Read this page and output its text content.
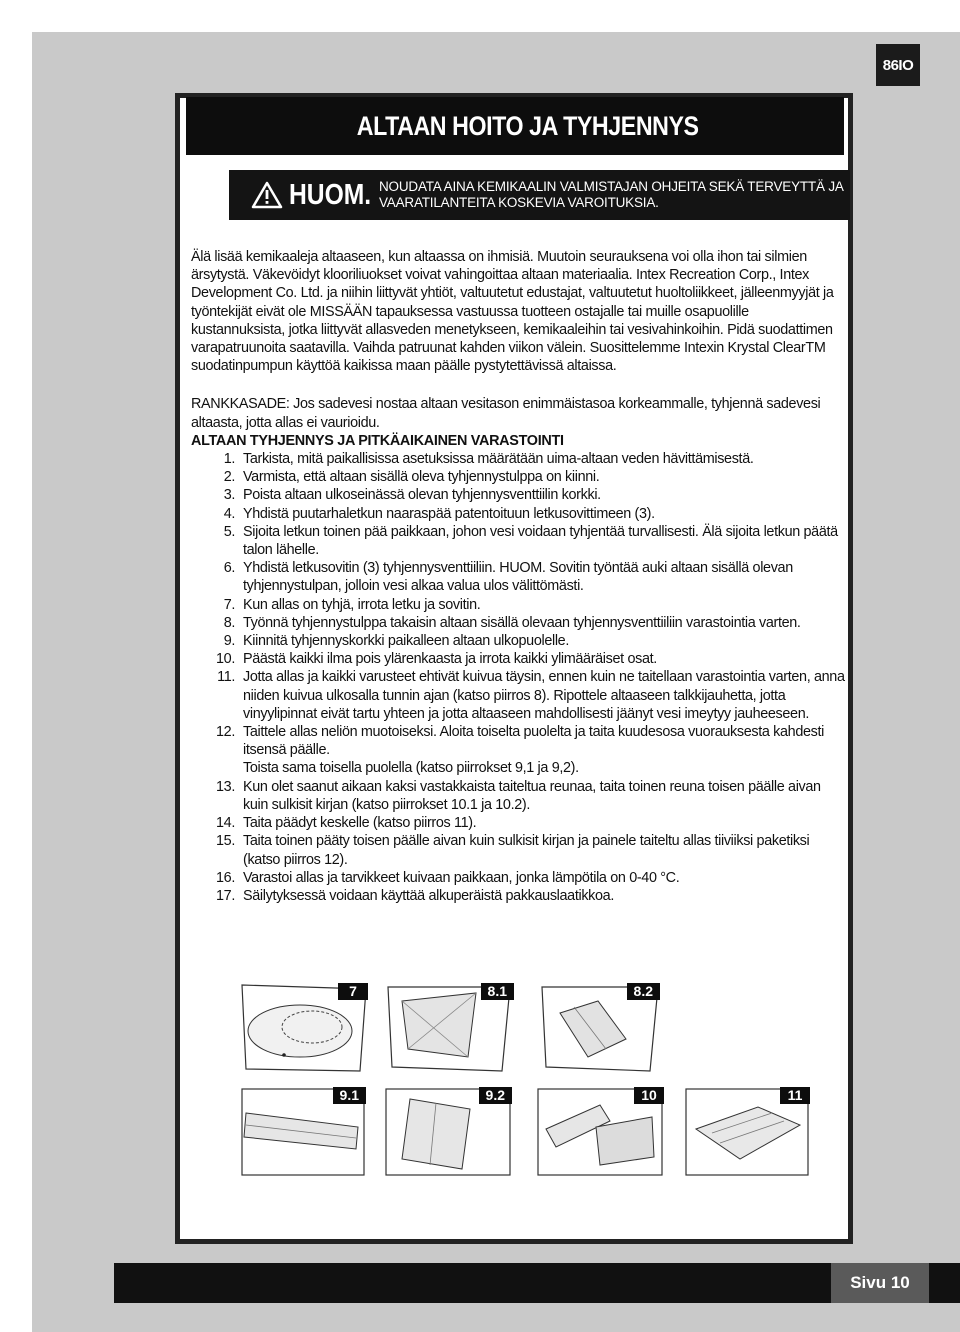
86IO
ALTAAN HOITO JA TYHJENNYS
HUOM. NOUDATA AINA KEMIKAALIN VALMISTAJAN OHJEITA SEKÄ TERVEYTTÄ JA
VAARATILANTEITA KOSKEVIA VAROITUKSIA.

Älä lisää kemikaaleja altaaseen, kun altaassa on ihmisiä. Muutoin seurauksena voi olla ihon tai silmien ärsytystä. Väkevöidyt klooriliuokset voivat vahingoittaa altaan materiaalia. Intex Recreation Corp., Intex Development Co. Ltd. ja niihin liittyvät yhtiöt, valtuutetut edustajat, valtuutetut huoltoliikkeet, jälleenmyyjät ja työntekijät eivät ole MISSÄÄN tapauksessa vastuussa tuotteen ostajalle tai muille osapuolille kustannuksista, jotka liittyvät allasveden menetykseen, kemikaaleihin tai vesivahinkoihin. Pidä suodattimen varapatruunoita saatavilla. Vaihda patruunat kahden viikon välein. Suosittelemme Intexin Krystal ClearTM suodatinpumpun käyttöä kaikissa maan päälle pystytettävissä altaissa.

RANKKASADE: Jos sadevesi nostaa altaan vesitason enimmäistasoa korkeammalle, tyhjennä sadevesi altaasta, jotta allas ei vaurioidu.

ALTAAN TYHJENNYS JA PITKÄAIKAINEN VARASTOINTI

1. Tarkista, mitä paikallisissa asetuksissa määrätään uima-altaan veden hävittämisestä.
2. Varmista, että altaan sisällä oleva tyhjennystulppa on kiinni.
3. Poista altaan ulkoseinässä olevan tyhjennysventtiilin korkki.
4. Yhdistä puutarhaletkun naaraspää patentoituun letkusovittimeen (3).
5. Sijoita letkun toinen pää paikkaan, johon vesi voidaan tyhjentää turvallisesti. Älä sijoita letkun päätä talon lähelle.
6. Yhdistä letkusovitin (3) tyhjennysventtiiliin. HUOM. Sovitin työntää auki altaan sisällä olevan tyhjennystulpan, jolloin vesi alkaa valua ulos välittömästi.
7. Kun allas on tyhjä, irrota letku ja sovitin.
8. Työnnä tyhjennystulppa takaisin altaan sisällä olevaan tyhjennysventtiiliin varastointia varten.
9. Kiinnitä tyhjennyskorkki paikalleen altaan ulkopuolelle.
10. Päästä kaikki ilma pois ylärenkaasta ja irrota kaikki ylimääräiset osat.
11. Jotta allas ja kaikki varusteet ehtivät kuivua täysin, ennen kuin ne taitellaan varastointia varten, anna niiden kuivua ulkosalla tunnin ajan (katso piirros 8). Ripottele altaaseen talkkijauhetta, jotta vinyylipinnat eivät tartu yhteen ja jotta altaaseen mahdollisesti jäänyt vesi imeytyy jauheeseen.
12. Taittele allas neliön muotoiseksi. Aloita toiselta puolelta ja taita kuudesosa vuorauksesta kahdesti itsensä päälle.
Toista sama toisella puolella (katso piirrokset 9,1 ja 9,2).
13. Kun olet saanut aikaan kaksi vastakkaista taiteltua reunaa, taita toinen reuna toisen päälle aivan kuin sulkisit kirjan (katso piirrokset 10.1 ja 10.2).
14. Taita päädyt keskelle (katso piirros 11).
15. Taita toinen pääty toisen päälle aivan kuin sulkisit kirjan ja painele taiteltu allas tiiviiksi paketiksi (katso piirros 12).
16. Varastoi allas ja tarvikkeet kuivaan paikkaan, jonka lämpötila on 0-40 °C.
17. Säilytyksessä voidaan käyttää alkuperäistä pakkauslaatikkoa.
7	8.1	8.2
9.1	9.2	10	11
Sivu 10
